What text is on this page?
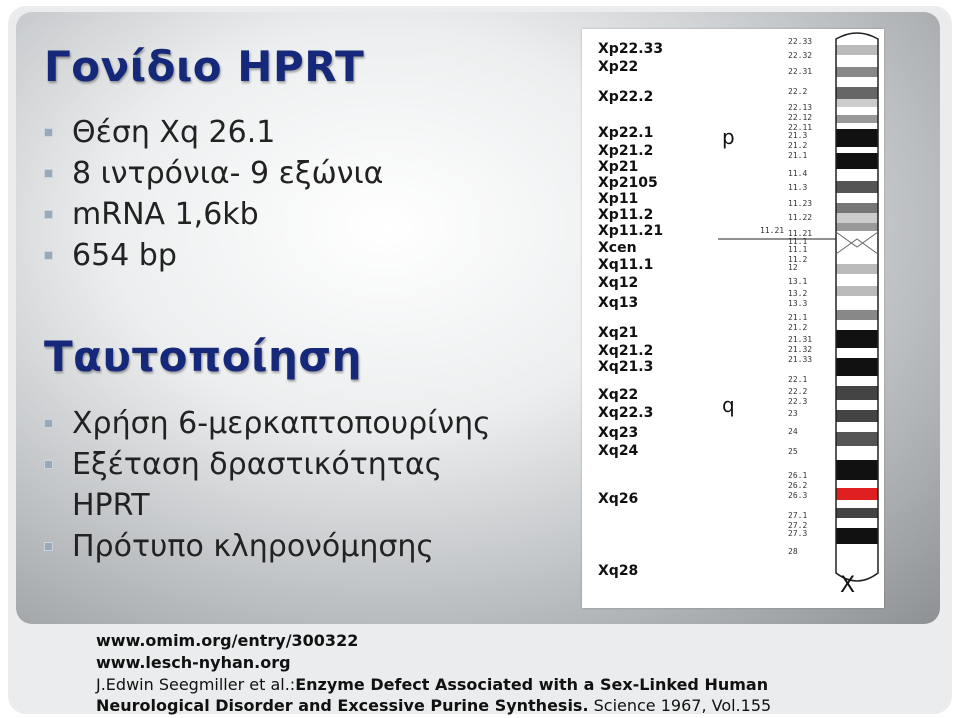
Γονίδιο HPRT
Θέση Xq 26.1
8 ιντρόνια- 9 εξώνια
mRNA 1,6kb
654 bp
Ταυτοποίηση
Χρήση 6-μερκαπτοπουρίνης
Εξέταση δραστικότητας
HPRT
Πρότυπο κληρονόμησης
Xp22.33
Xp22
Xp22.2
Xp22.1
Xp21.2
Xp21
Xp2105
Xp11
Xp11.2
Xp11.21
Xcen
Xq11.1
Xq12
Xq13
Xq21
Xq21.2
Xq21.3
Xq22
Xq22.3
Xq23
Xq24
Xq26
Xq28
22.33
22.32
22.31
22.2
22.13
22.12
22.11
21.3
21.2
21.1
11.4
11.3
11.23
11.22
11.21
11.1
11.1
11.2
12
13.1
13.2
13.3
21.1
21.2
21.31
21.32
21.33
22.1
22.2
22.3
23
24
25
26.1
26.2
26.3
27.1
27.2
27.3
28
p
q
11.21
X
www.omim.org/entry/300322
www.lesch-nyhan.org
J.Edwin Seegmiller et al.:Enzyme Defect Associated with a Sex-Linked Human
Neurological Disorder and Excessive Purine Synthesis. Science 1967, Vol.155
